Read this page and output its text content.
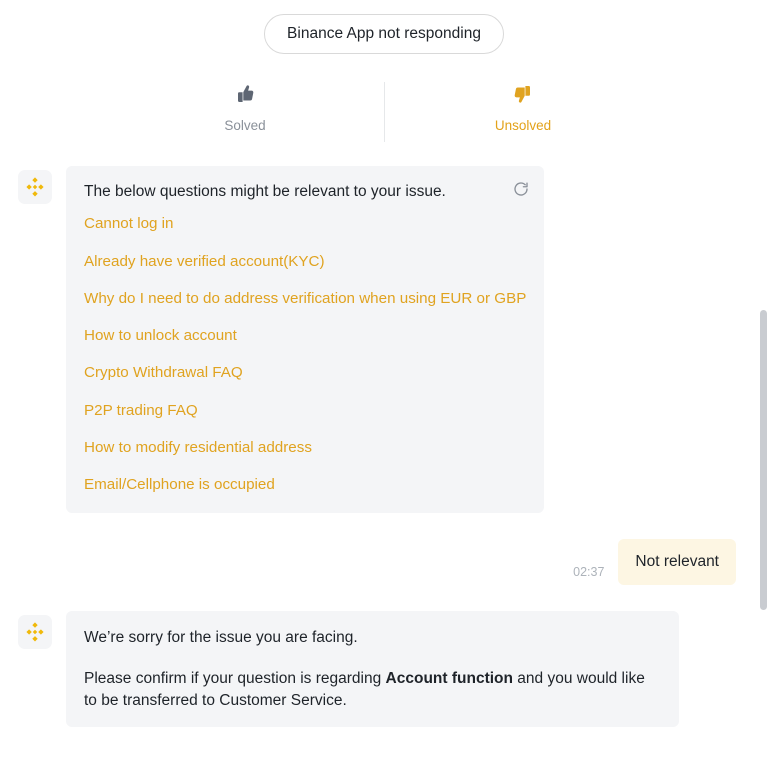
Binance App not responding
Solved	Unsolved
The below questions might be relevant to your issue.
Cannot log in
Already have verified account(KYC)
Why do I need to do address verification when using EUR or GBP
How to unlock account
Crypto Withdrawal FAQ
P2P trading FAQ
How to modify residential address
Email/Cellphone is occupied
02:37
Not relevant

We’re sorry for the issue you are facing.

Please confirm if your question is regarding Account function and you would like to be transferred to Customer Service.
